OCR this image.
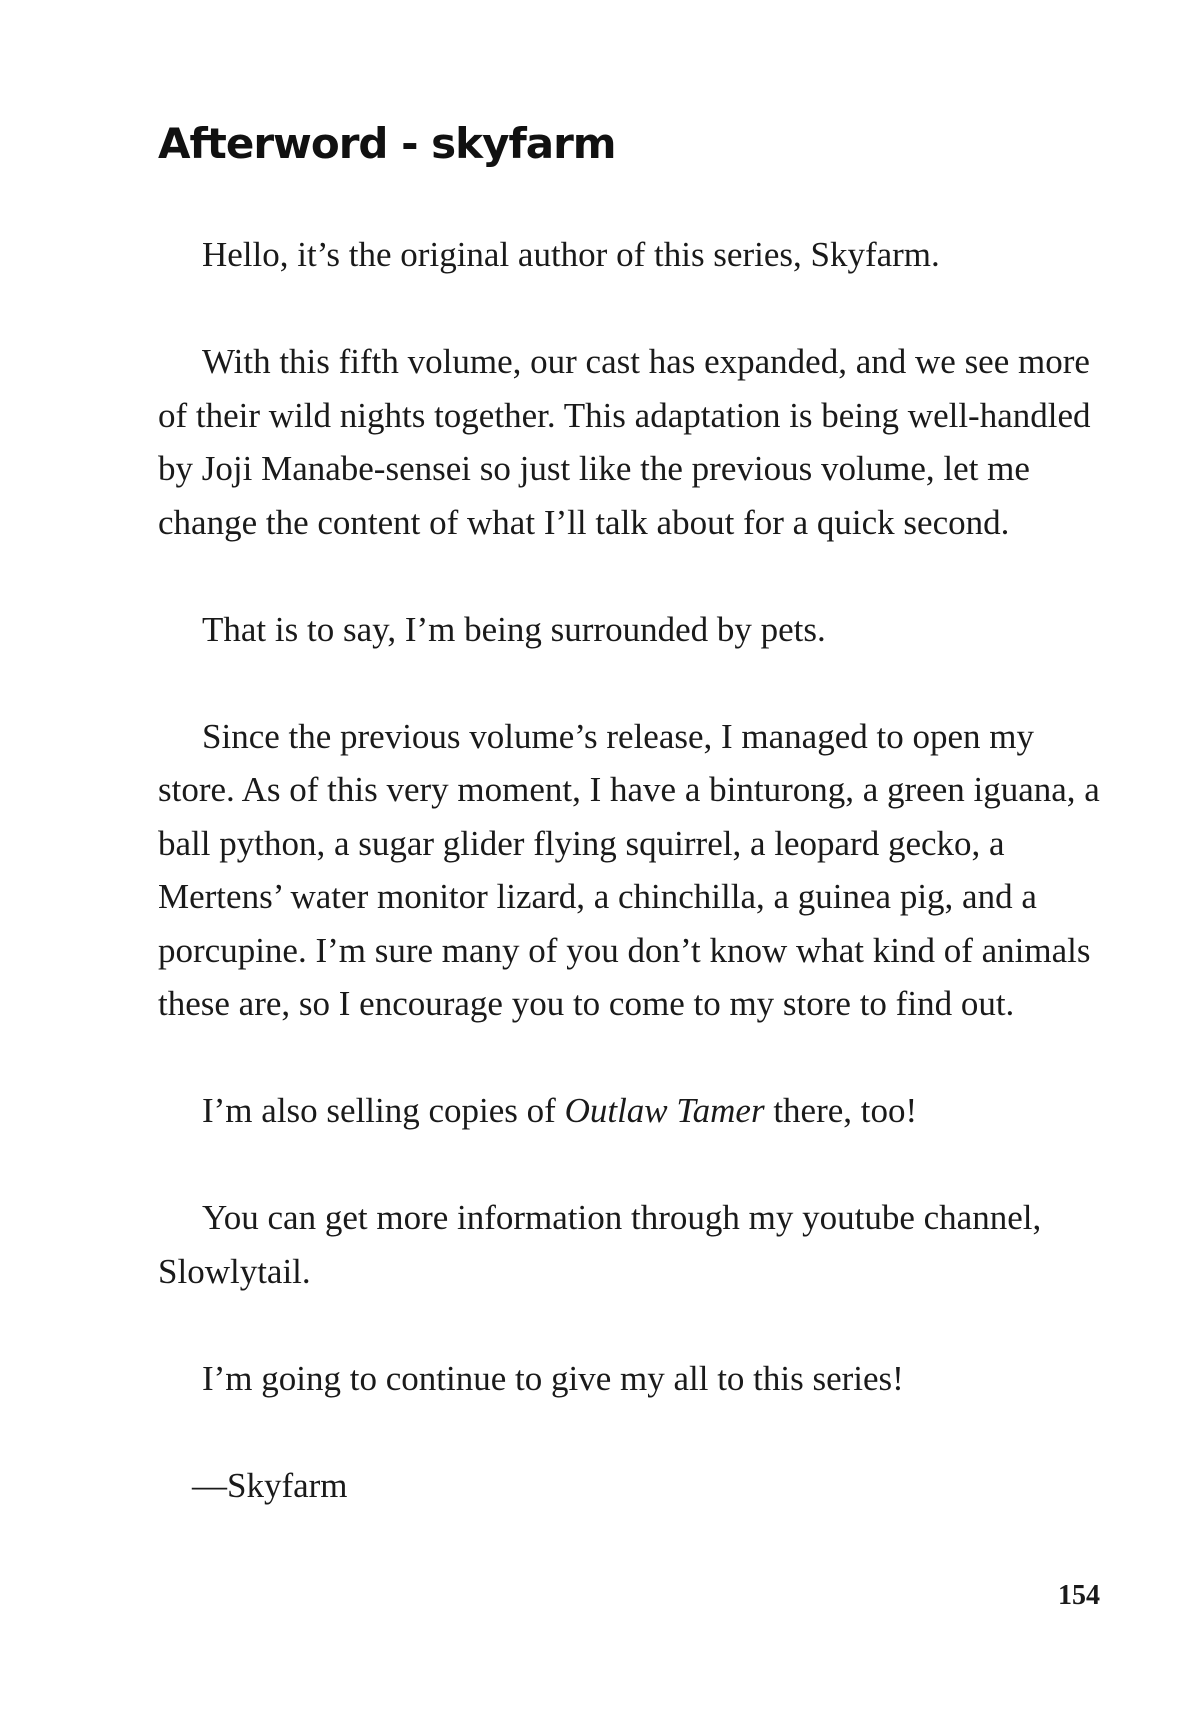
Afterword - skyfarm

Hello, it’s the original author of this series, Skyfarm.

With this fifth volume, our cast has expanded, and we see more of their wild nights together. This adaptation is being well-handled by Joji Manabe-sensei so just like the previous volume, let me change the content of what I’ll talk about for a quick second.

That is to say, I’m being surrounded by pets.

Since the previous volume’s release, I managed to open my store. As of this very moment, I have a binturong, a green iguana, a ball python, a sugar glider flying squirrel, a leopard gecko, a Mertens’ water monitor lizard, a chinchilla, a guinea pig, and a porcupine. I’m sure many of you don’t know what kind of animals these are, so I encourage you to come to my store to find out.

I’m also selling copies of Outlaw Tamer there, too!

You can get more information through my youtube channel, Slowlytail.

I’m going to continue to give my all to this series!

—Skyfarm

154
